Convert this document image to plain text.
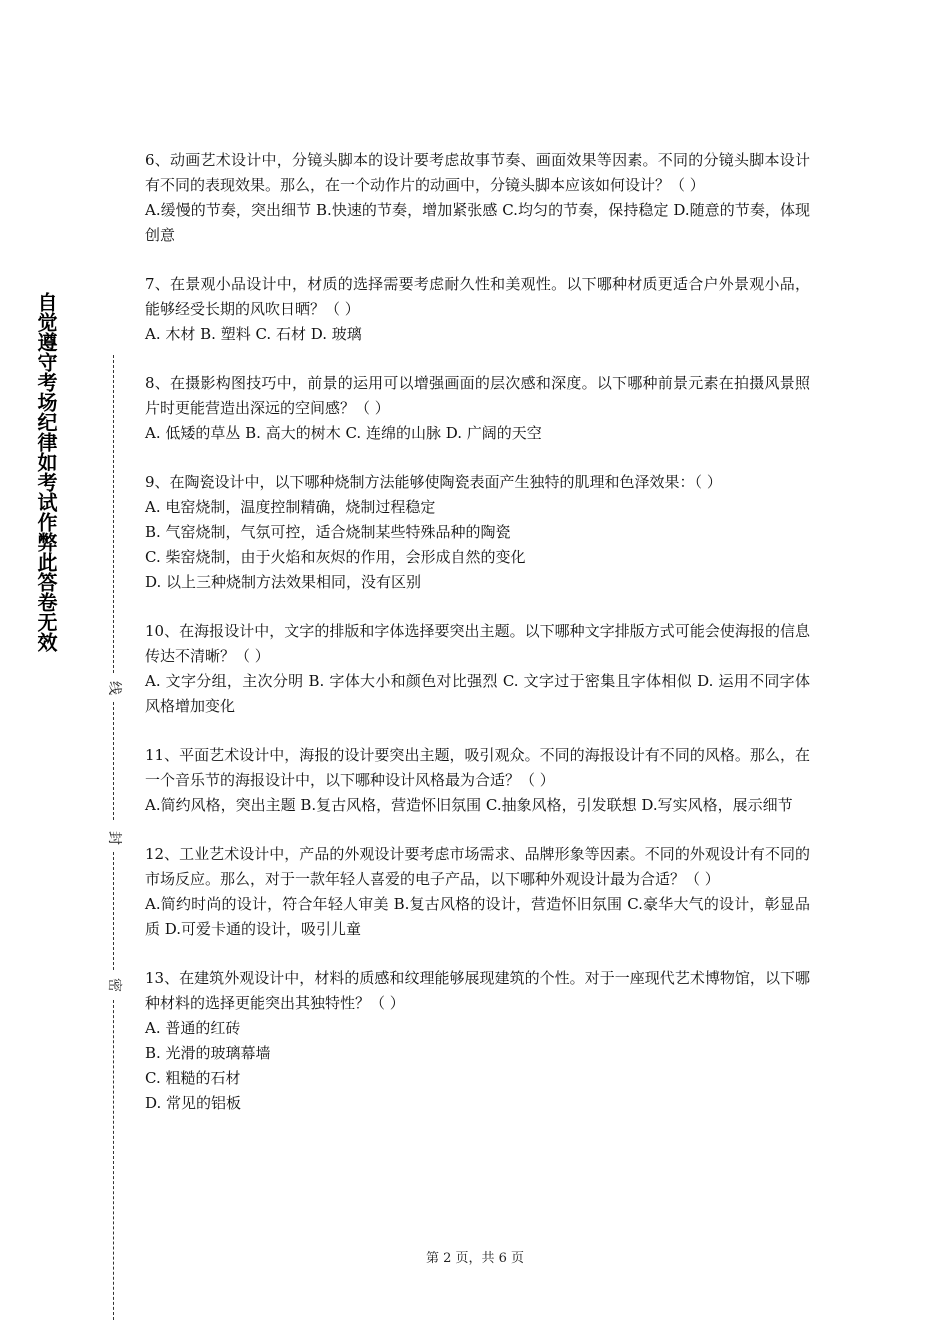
自觉遵守考场纪律如考试作弊此答卷无效
线
封
密

6、动画艺术设计中，分镜头脚本的设计要考虑故事节奏、画面效果等因素。不同的分镜头脚本设计有不同的表现效果。那么，在一个动作片的动画中，分镜头脚本应该如何设计？（ ）

A.缓慢的节奏，突出细节 B.快速的节奏，增加紧张感 C.均匀的节奏，保持稳定 D.随意的节奏，体现创意

7、在景观小品设计中，材质的选择需要考虑耐久性和美观性。以下哪种材质更适合户外景观小品，能够经受长期的风吹日晒？（ ）

A. 木材 B. 塑料 C. 石材 D. 玻璃

8、在摄影构图技巧中，前景的运用可以增强画面的层次感和深度。以下哪种前景元素在拍摄风景照片时更能营造出深远的空间感？（ ）

A. 低矮的草丛 B. 高大的树木 C. 连绵的山脉 D. 广阔的天空

9、在陶瓷设计中，以下哪种烧制方法能够使陶瓷表面产生独特的肌理和色泽效果：（ ）

A. 电窑烧制，温度控制精确，烧制过程稳定

B. 气窑烧制，气氛可控，适合烧制某些特殊品种的陶瓷

C. 柴窑烧制，由于火焰和灰烬的作用，会形成自然的变化

D. 以上三种烧制方法效果相同，没有区别

10、在海报设计中，文字的排版和字体选择要突出主题。以下哪种文字排版方式可能会使海报的信息传达不清晰？（ ）

A. 文字分组，主次分明 B. 字体大小和颜色对比强烈 C. 文字过于密集且字体相似 D. 运用不同字体风格增加变化

11、平面艺术设计中，海报的设计要突出主题，吸引观众。不同的海报设计有不同的风格。那么，在一个音乐节的海报设计中，以下哪种设计风格最为合适？（ ）

A.简约风格，突出主题 B.复古风格，营造怀旧氛围 C.抽象风格，引发联想 D.写实风格，展示细节

12、工业艺术设计中，产品的外观设计要考虑市场需求、品牌形象等因素。不同的外观设计有不同的市场反应。那么，对于一款年轻人喜爱的电子产品，以下哪种外观设计最为合适？（ ）

A.简约时尚的设计，符合年轻人审美 B.复古风格的设计，营造怀旧氛围 C.豪华大气的设计，彰显品质 D.可爱卡通的设计，吸引儿童

13、在建筑外观设计中，材料的质感和纹理能够展现建筑的个性。对于一座现代艺术博物馆，以下哪种材料的选择更能突出其独特性？（ ）

A. 普通的红砖

B. 光滑的玻璃幕墙

C. 粗糙的石材

D. 常见的铝板

第 2 页，共 6 页
